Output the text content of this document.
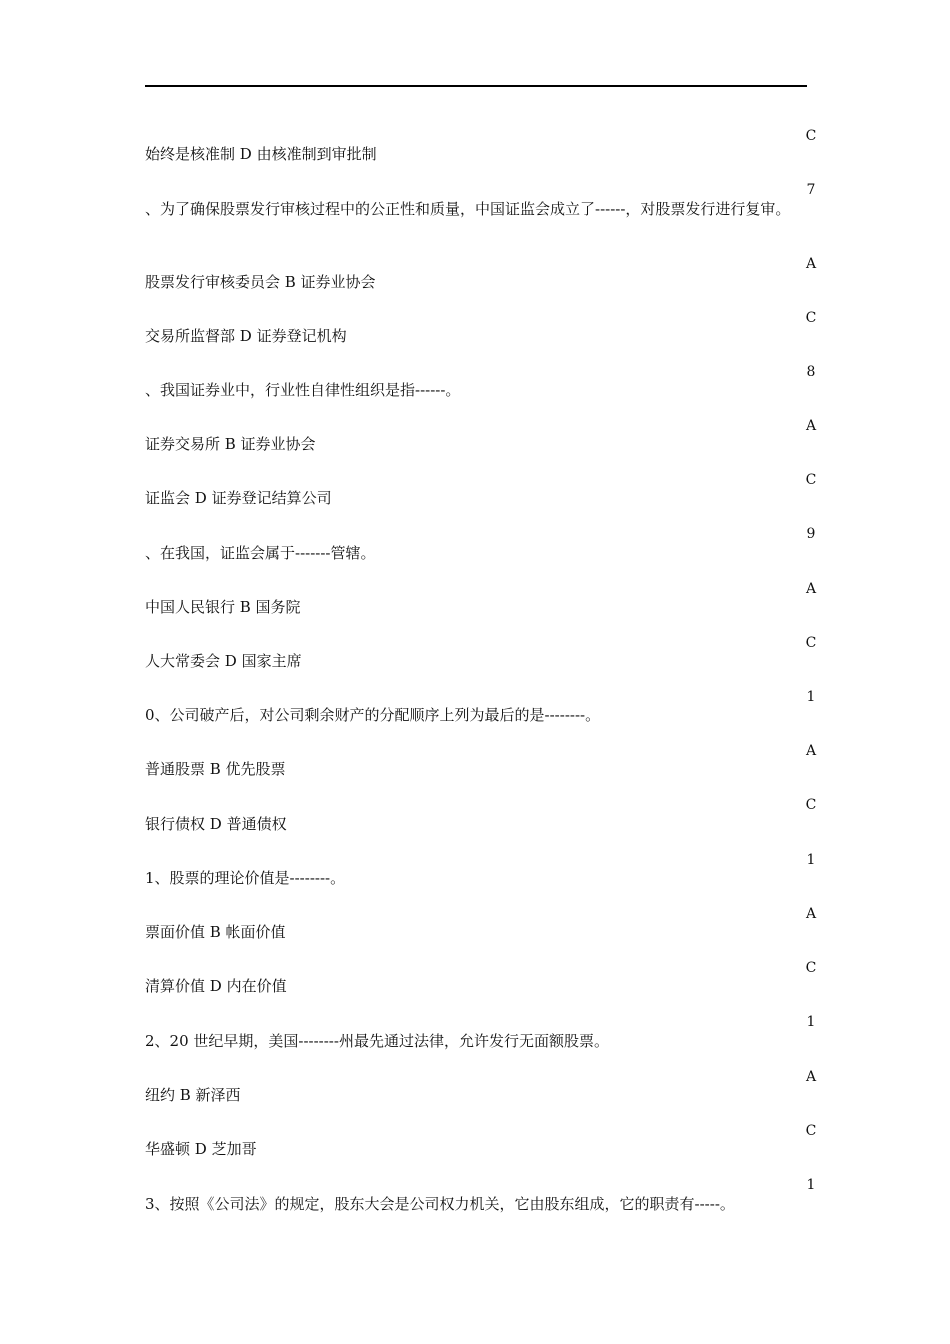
C
始终是核准制 D 由核准制到审批制
7
、为了确保股票发行审核过程中的公正性和质量，中国证监会成立了------，对股票发行进行复审。
A
股票发行审核委员会 B 证券业协会
C
交易所监督部 D 证券登记机构
8
、我国证券业中，行业性自律性组织是指------。
A
证券交易所 B 证券业协会
C
证监会 D 证券登记结算公司
9
、在我国，证监会属于-------管辖。
A
中国人民银行 B 国务院
C
人大常委会 D 国家主席
1
0、公司破产后，对公司剩余财产的分配顺序上列为最后的是--------。
A
普通股票 B 优先股票
C
银行债权 D 普通债权
1
1、股票的理论价值是--------。
A
票面价值 B 帐面价值
C
清算价值 D 内在价值
1
2、20 世纪早期，美国--------州最先通过法律，允许发行无面额股票。
A
纽约 B 新泽西
C
华盛顿 D 芝加哥
1
3、按照《公司法》的规定，股东大会是公司权力机关，它由股东组成，它的职责有-----。
